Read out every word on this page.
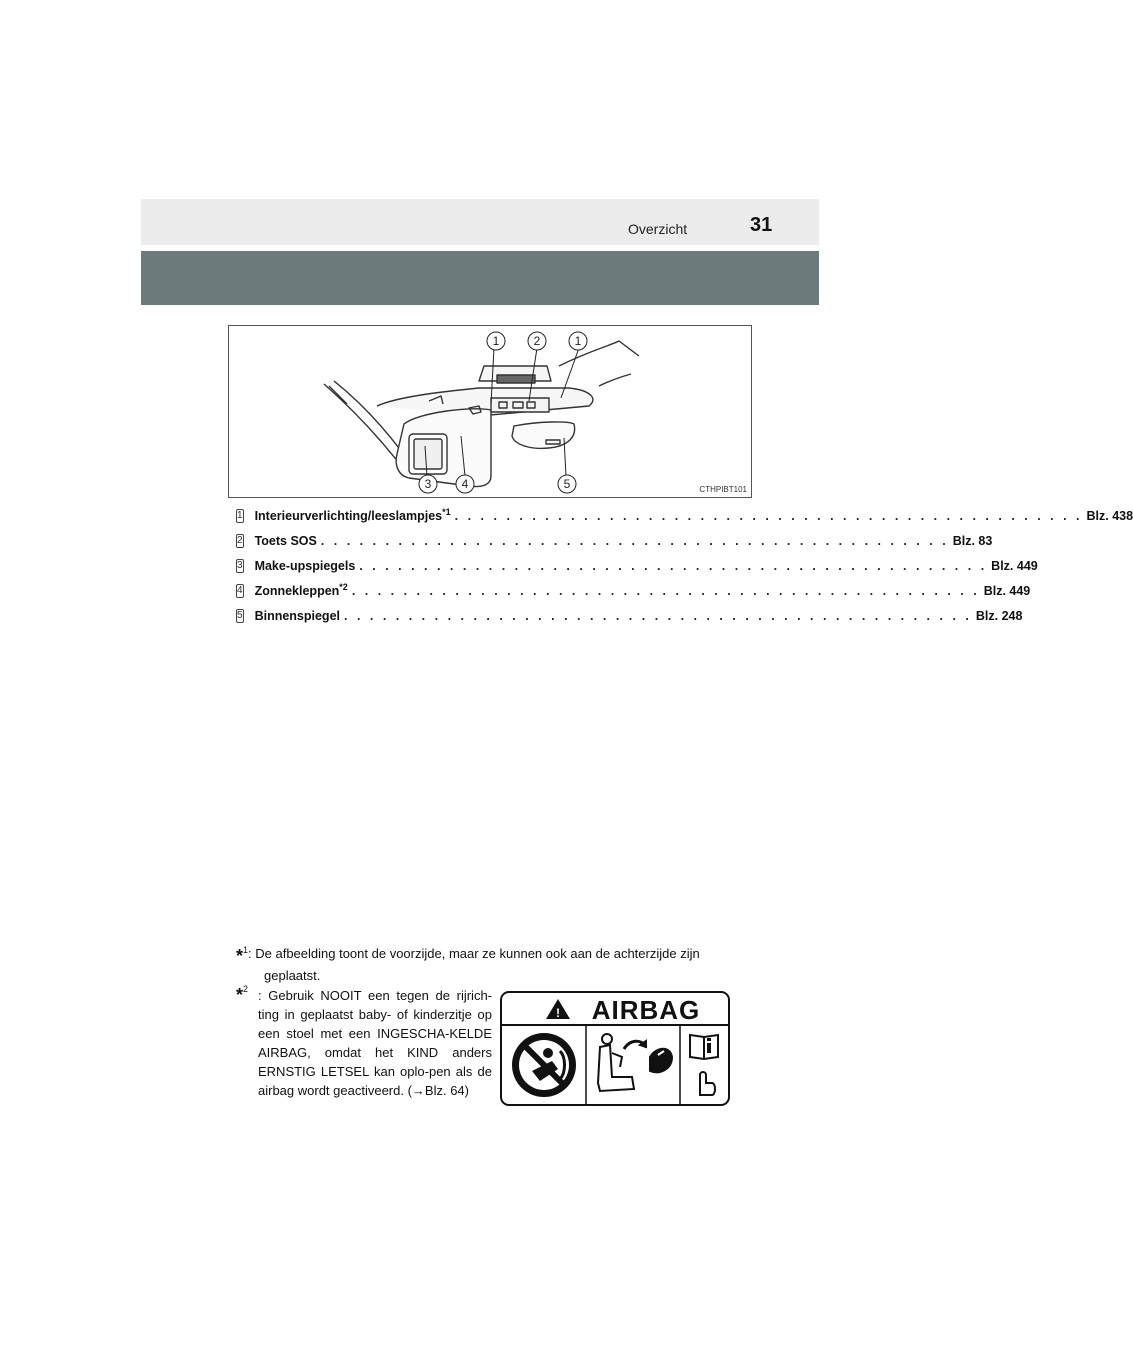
Overzicht	31
1	2	1
3	4	5	CTHPIBT101
1 Interieurverlichting/leeslampjes$^{*1}$ . . . . . . . . . . . . . . . . . . . . . . . . . . . . . . . . . . . . . . . . . . . . . . . . . Blz. 438
2 Toets SOS . . . . . . . . . . . . . . . . . . . . . . . . . . . . . . . . . . . . . . . . . . . . . . . . . Blz. 83
3 Make-upspiegels . . . . . . . . . . . . . . . . . . . . . . . . . . . . . . . . . . . . . . . . . . . . . . . . . Blz. 449
4 Zonnekleppen$^{*2}$ . . . . . . . . . . . . . . . . . . . . . . . . . . . . . . . . . . . . . . . . . . . . . . . . . Blz. 449
5 Binnenspiegel . . . . . . . . . . . . . . . . . . . . . . . . . . . . . . . . . . . . . . . . . . . . . . . . . Blz. 248
*$^1$: De afbeelding toont de voorzijde, maar ze kunnen ook aan de achterzijde zijn
geplaatst.
*$^2$ : Gebruik NOOIT een tegen de rijrich-ting in geplaatst baby- of kinderzitje op een stoel met een INGESCHA-KELDE AIRBAG, omdat het KIND anders ERNSTIG LETSEL kan oplo-pen als de airbag wordt geactiveerd. (→Blz. 64)
! AIRBAG
